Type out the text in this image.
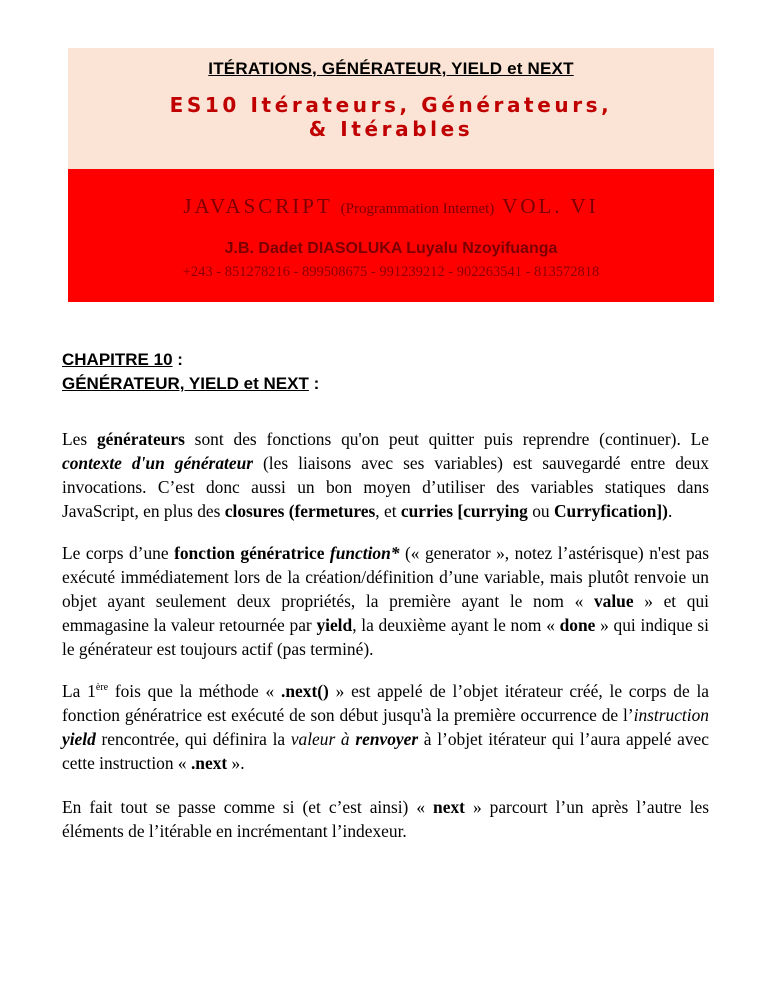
ITÉRATIONS, GÉNÉRATEUR, YIELD et NEXT
ES10 Itérateurs, Générateurs,
& Itérables
JAVASCRIPT (Programmation Internet) VOL. VI
J.B. Dadet DIASOLUKA Luyalu Nzoyifuanga
+243 - 851278216 - 899508675 - 991239212 - 902263541 - 813572818
CHAPITRE 10 :
GÉNÉRATEUR, YIELD et NEXT :

Les générateurs sont des fonctions qu'on peut quitter puis reprendre (continuer). Le contexte d'un générateur (les liaisons avec ses variables) est sauvegardé entre deux invocations. C’est donc aussi un bon moyen d’utiliser des variables statiques dans JavaScript, en plus des closures (fermetures, et curries [currying ou Curryfication]).

Le corps d’une fonction génératrice function* (« generator », notez l’astérisque) n'est pas exécuté immédiatement lors de la création/définition d’une variable, mais plutôt renvoie un objet ayant seulement deux propriétés, la première ayant le nom « value » et qui emmagasine la valeur retournée par yield, la deuxième ayant le nom « done » qui indique si le générateur est toujours actif (pas terminé).

La 1ère fois que la méthode « .next() » est appelé de l’objet itérateur créé, le corps de la fonction génératrice est exécuté de son début jusqu'à la première occurrence de l’instruction yield rencontrée, qui définira la valeur à renvoyer à l’objet itérateur qui l’aura appelé avec cette instruction « .next ».

En fait tout se passe comme si (et c’est ainsi) « next » parcourt l’un après l’autre les éléments de l’itérable en incrémentant l’indexeur.
